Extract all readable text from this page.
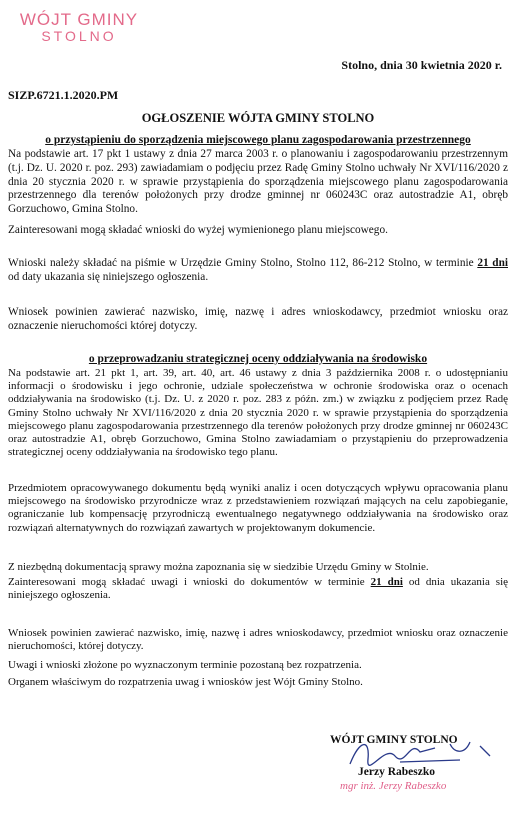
WÓJT GMINY
STOLNO
Stolno, dnia 30 kwietnia 2020 r.
SIZP.6721.1.2020.PM
OGŁOSZENIE WÓJTA GMINY STOLNO
o przystąpieniu do sporządzenia miejscowego planu zagospodarowania przestrzennego
Na podstawie art. 17 pkt 1 ustawy z dnia 27 marca 2003 r. o planowaniu i zagospodarowaniu przestrzennym (t.j. Dz. U. 2020 r. poz. 293) zawiadamiam o podjęciu przez Radę Gminy Stolno uchwały Nr XVI/116/2020 z dnia 20 stycznia 2020 r. w sprawie przystąpienia do sporządzenia miejscowego planu zagospodarowania przestrzennego dla terenów położonych przy drodze gminnej nr 060243C oraz autostradzie A1, obręb Gorzuchowo, Gmina Stolno.
Zainteresowani mogą składać wnioski do wyżej wymienionego planu miejscowego.
Wnioski należy składać na piśmie w Urzędzie Gminy Stolno, Stolno 112, 86-212 Stolno, w terminie 21 dni od daty ukazania się niniejszego ogłoszenia.
Wniosek powinien zawierać nazwisko, imię, nazwę i adres wnioskodawcy, przedmiot wniosku oraz oznaczenie nieruchomości której dotyczy.
o przeprowadzaniu strategicznej oceny oddziaływania na środowisko
Na podstawie art. 21 pkt 1, art. 39, art. 40, art. 46 ustawy z dnia 3 października 2008 r. o udostępnianiu informacji o środowisku i jego ochronie, udziale społeczeństwa w ochronie środowiska oraz o ocenach oddziaływania na środowisko (t.j. Dz. U. z 2020 r. poz. 283 z późn. zm.) w związku z podjęciem przez Radę Gminy Stolno uchwały Nr XVI/116/2020 z dnia 20 stycznia 2020 r. w sprawie przystąpienia do sporządzenia miejscowego planu zagospodarowania przestrzennego dla terenów położonych przy drodze gminnej nr 060243C oraz autostradzie A1, obręb Gorzuchowo, Gmina Stolno zawiadamiam o przystąpieniu do przeprowadzenia strategicznej oceny oddziaływania na środowisko tego planu.
Przedmiotem opracowywanego dokumentu będą wyniki analiz i ocen dotyczących wpływu opracowania planu miejscowego na środowisko przyrodnicze wraz z przedstawieniem rozwiązań mających na celu zapobieganie, ograniczanie lub kompensację przyrodniczą ewentualnego negatywnego oddziaływania na środowisko oraz rozwiązań alternatywnych do rozwiązań zawartych w projektowanym dokumencie.
Z niezbędną dokumentacją sprawy można zapoznania się w siedzibie Urzędu Gminy w Stolnie.
Zainteresowani mogą składać uwagi i wnioski do dokumentów w terminie 21 dni od dnia ukazania się niniejszego ogłoszenia.
Wniosek powinien zawierać nazwisko, imię, nazwę i adres wnioskodawcy, przedmiot wniosku oraz oznaczenie nieruchomości, której dotyczy.
Uwagi i wnioski złożone po wyznaczonym terminie pozostaną bez rozpatrzenia.
Organem właściwym do rozpatrzenia uwag i wniosków jest Wójt Gminy Stolno.
WÓJT GMINY STOLNO
Jerzy Rabeszko
mgr inż. Jerzy Rabeszko
